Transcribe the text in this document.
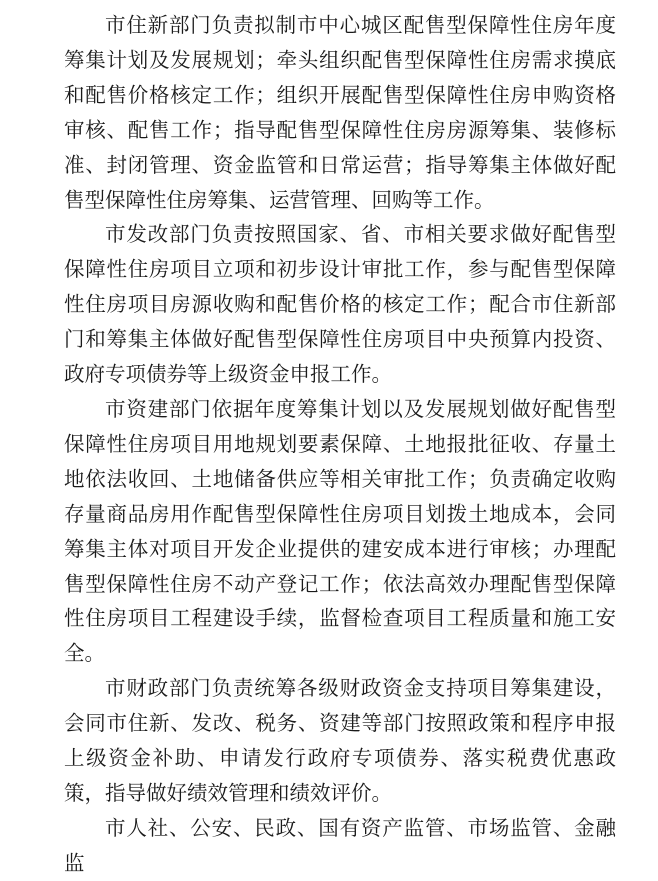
市住新部门负责拟制市中心城区配售型保障性住房年度筹集计划及发展规划；牵头组织配售型保障性住房需求摸底和配售价格核定工作；组织开展配售型保障性住房申购资格审核、配售工作；指导配售型保障性住房房源筹集、装修标准、封闭管理、资金监管和日常运营；指导筹集主体做好配售型保障性住房筹集、运营管理、回购等工作。

市发改部门负责按照国家、省、市相关要求做好配售型保障性住房项目立项和初步设计审批工作，参与配售型保障性住房项目房源收购和配售价格的核定工作；配合市住新部门和筹集主体做好配售型保障性住房项目中央预算内投资、政府专项债券等上级资金申报工作。

市资建部门依据年度筹集计划以及发展规划做好配售型保障性住房项目用地规划要素保障、土地报批征收、存量土地依法收回、土地储备供应等相关审批工作；负责确定收购存量商品房用作配售型保障性住房项目划拨土地成本，会同筹集主体对项目开发企业提供的建安成本进行审核；办理配售型保障性住房不动产登记工作；依法高效办理配售型保障性住房项目工程建设手续，监督检查项目工程质量和施工安全。

市财政部门负责统筹各级财政资金支持项目筹集建设，会同市住新、发改、税务、资建等部门按照政策和程序申报上级资金补助、申请发行政府专项债券、落实税费优惠政策，指导做好绩效管理和绩效评价。

市人社、公安、民政、国有资产监管、市场监管、金融监
